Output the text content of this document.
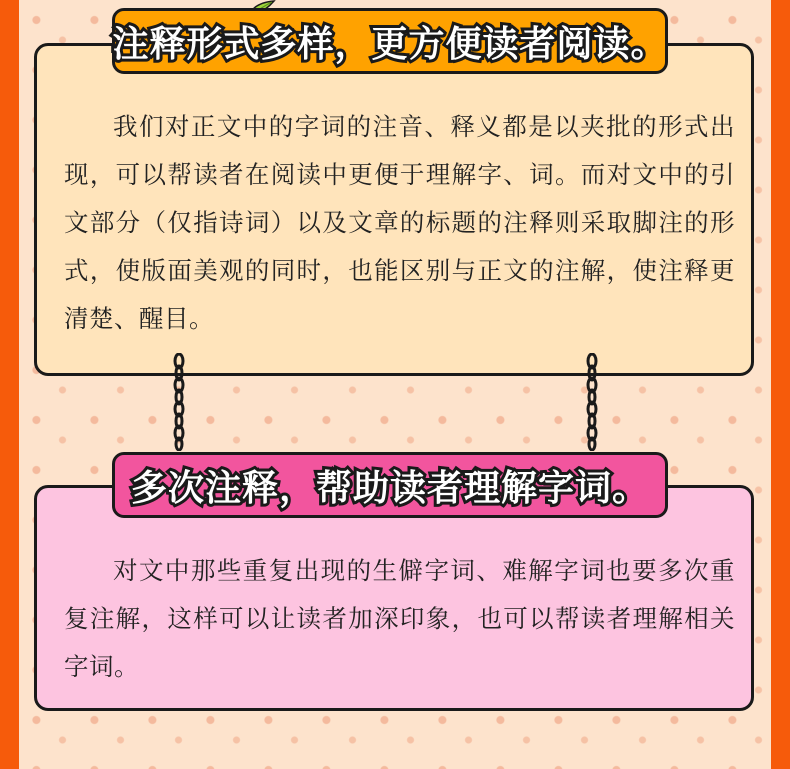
我们对正文中的字词的注音、释义都是以夹批的形式出现，可以帮读者在阅读中更便于理解字、词。而对文中的引文部分（仅指诗词）以及文章的标题的注释则采取脚注的形式，使版面美观的同时，也能区别与正文的注解，使注释更清楚、醒目。

注释形式多样，更方便读者阅读。

对文中那些重复出现的生僻字词、难解字词也要多次重复注解，这样可以让读者加深印象，也可以帮读者理解相关字词。

多次注释，帮助读者理解字词。
